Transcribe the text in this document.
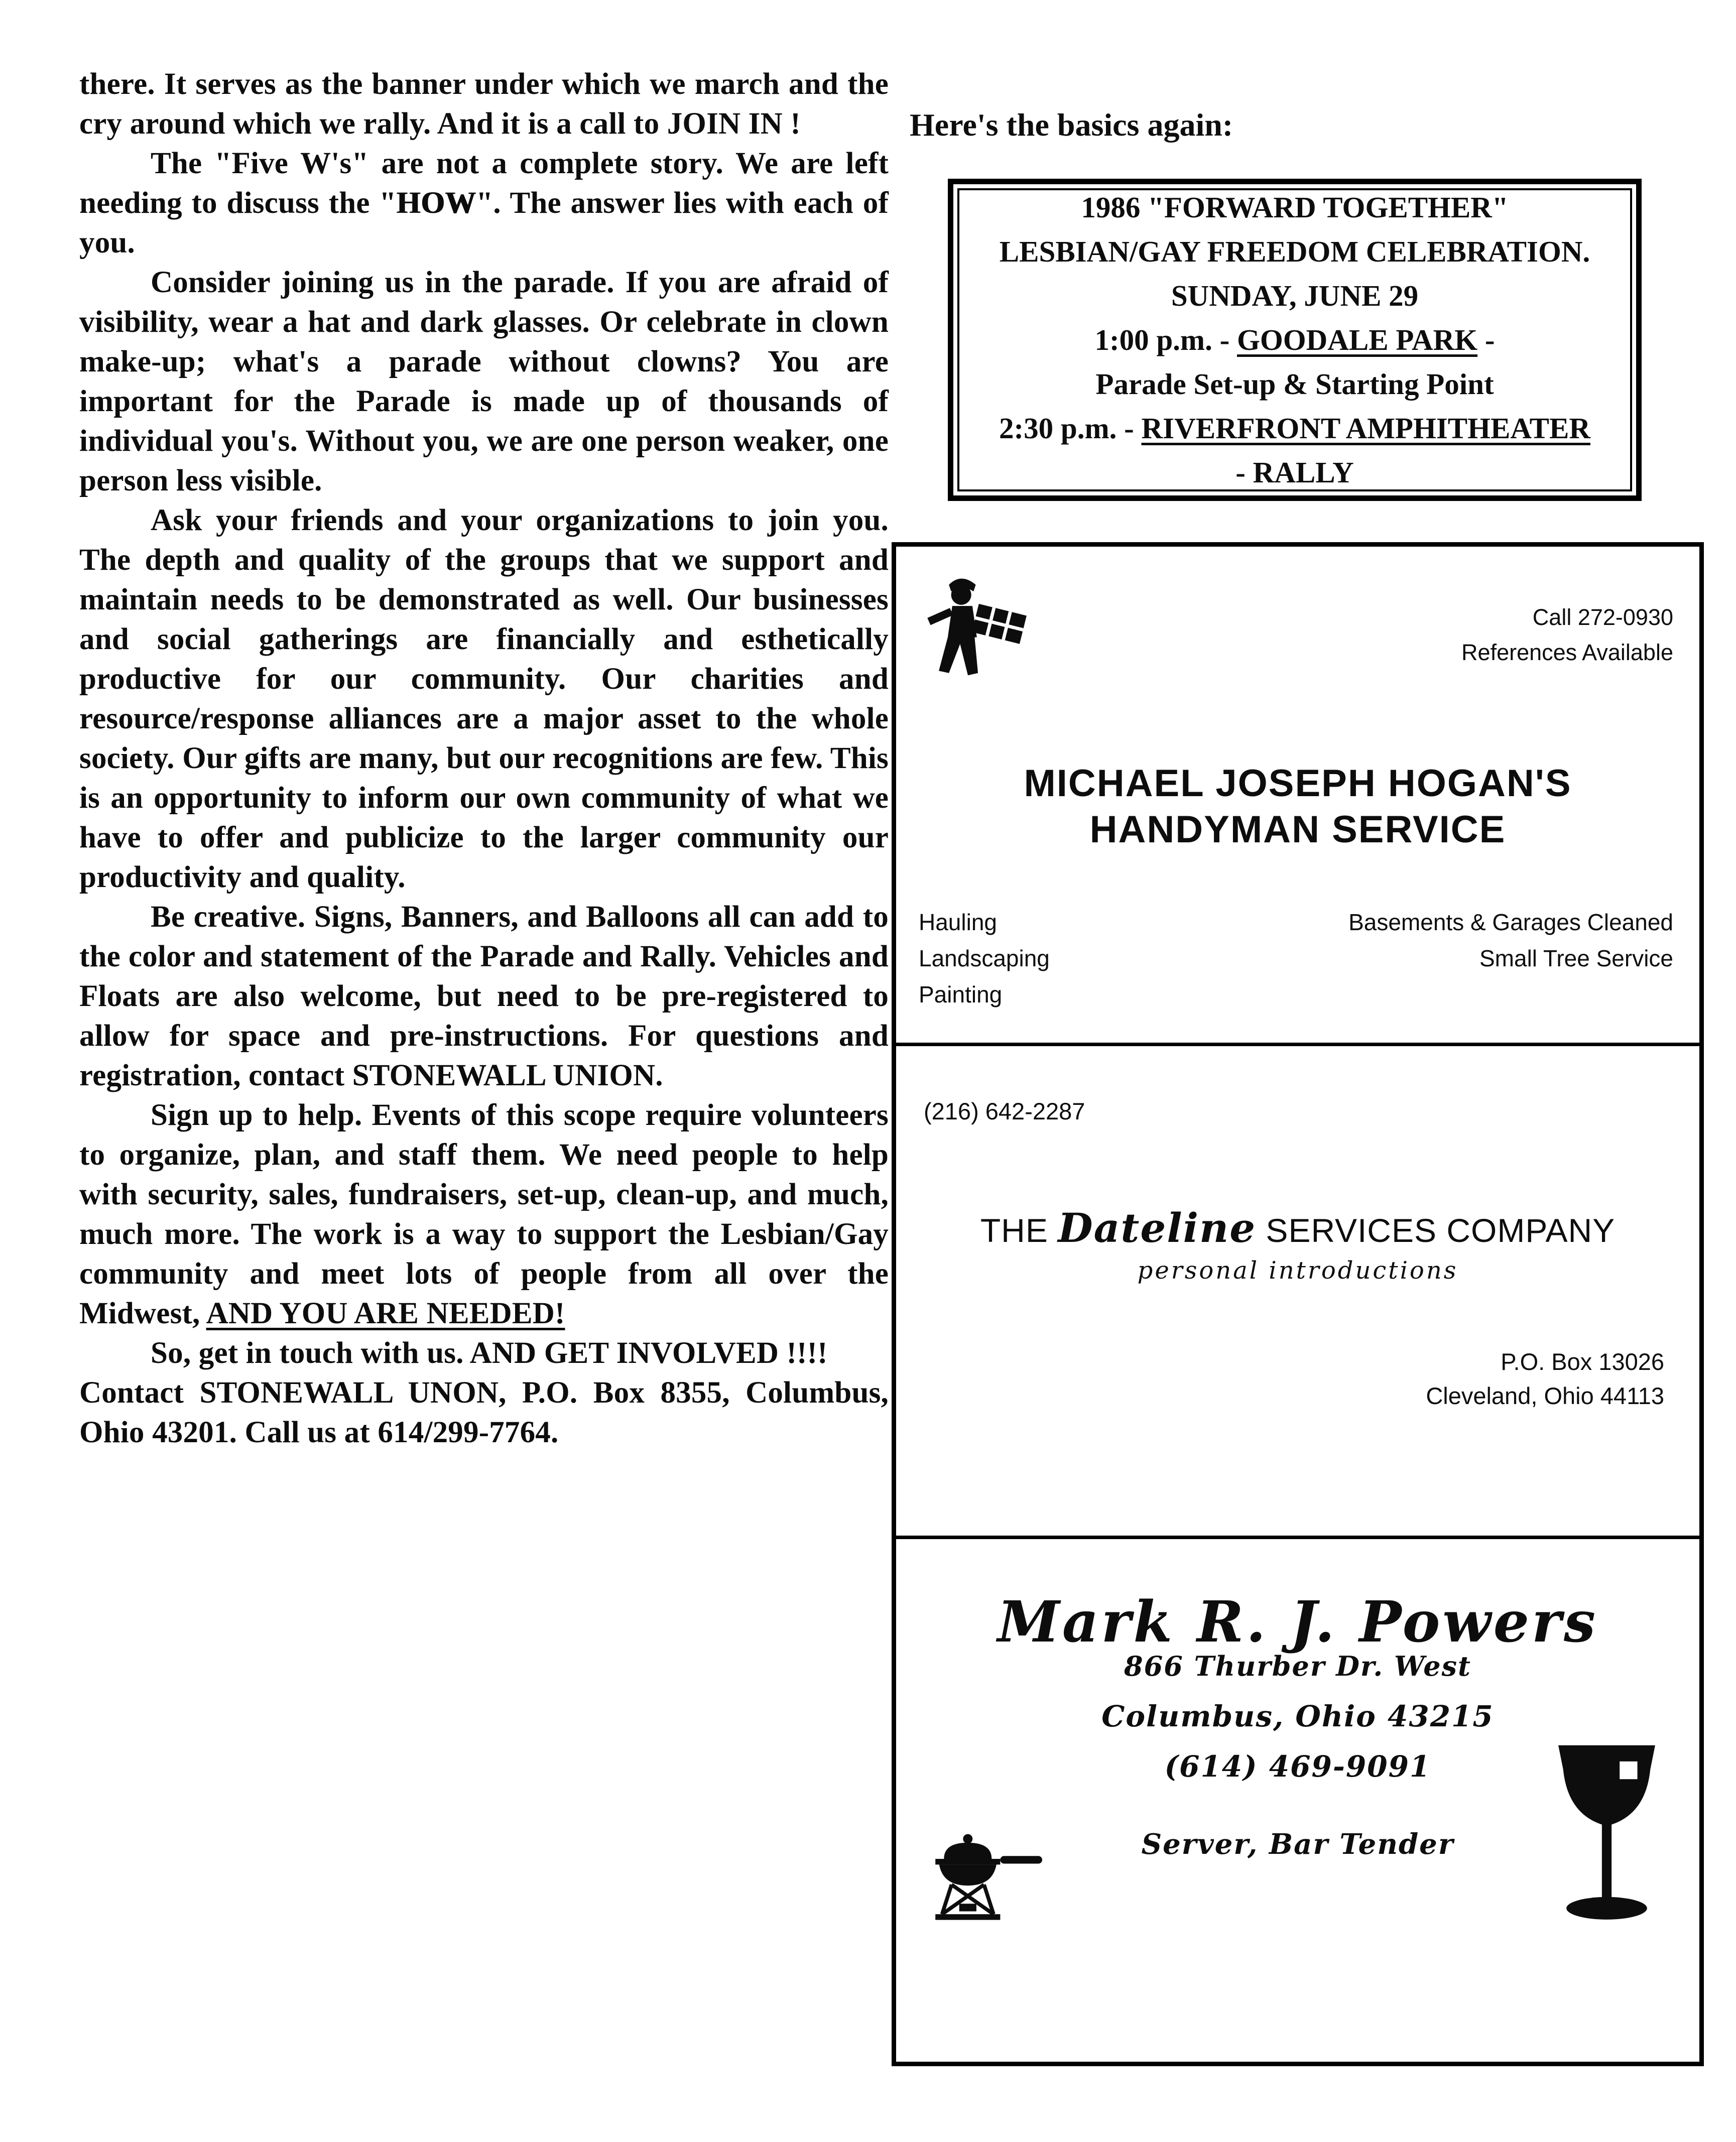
there. It serves as the banner under which we march and the cry around which we rally. And it is a call to JOIN IN !

The "Five W's" are not a complete story. We are left needing to discuss the "HOW". The answer lies with each of you.

Consider joining us in the parade. If you are afraid of visibility, wear a hat and dark glasses. Or celebrate in clown make-up; what's a parade without clowns? You are important for the Parade is made up of thousands of individual you's. Without you, we are one person weaker, one person less visible.

Ask your friends and your organizations to join you. The depth and quality of the groups that we support and maintain needs to be demonstrated as well. Our businesses and social gatherings are financially and esthetically productive for our community. Our charities and resource/response alliances are a major asset to the whole society. Our gifts are many, but our recognitions are few. This is an opportunity to inform our own community of what we have to offer and publicize to the larger community our productivity and quality.

Be creative. Signs, Banners, and Balloons all can add to the color and statement of the Parade and Rally. Vehicles and Floats are also welcome, but need to be pre-registered to allow for space and pre-instructions. For questions and registration, contact STONEWALL UNION.

Sign up to help. Events of this scope require volunteers to organize, plan, and staff them. We need people to help with security, sales, fundraisers, set-up, clean-up, and much, much more. The work is a way to support the Lesbian/Gay community and meet lots of people from all over the Midwest, AND YOU ARE NEEDED!

So, get in touch with us. AND GET INVOLVED !!!!

Contact STONEWALL UNON, P.O. Box 8355, Columbus, Ohio 43201. Call us at 614/299-7764.

Here's the basics again:
1986 "FORWARD TOGETHER"
LESBIAN/GAY FREEDOM CELEBRATION.
SUNDAY, JUNE 29
1:00 p.m. - GOODALE PARK -
Parade Set-up & Starting Point
2:30 p.m. - RIVERFRONT AMPHITHEATER
- RALLY
Call 272-0930
References Available
MICHAEL JOSEPH HOGAN'S
HANDYMAN SERVICE
Hauling
Landscaping
Painting
Basements & Garages Cleaned
Small Tree Service
(216) 642-2287
THE Dateline SERVICES COMPANY
personal introductions
P.O. Box 13026
Cleveland, Ohio 44113
Mark R. J. Powers
866 Thurber Dr. West
Columbus, Ohio 43215
(614) 469-9091
Server, Bar Tender
